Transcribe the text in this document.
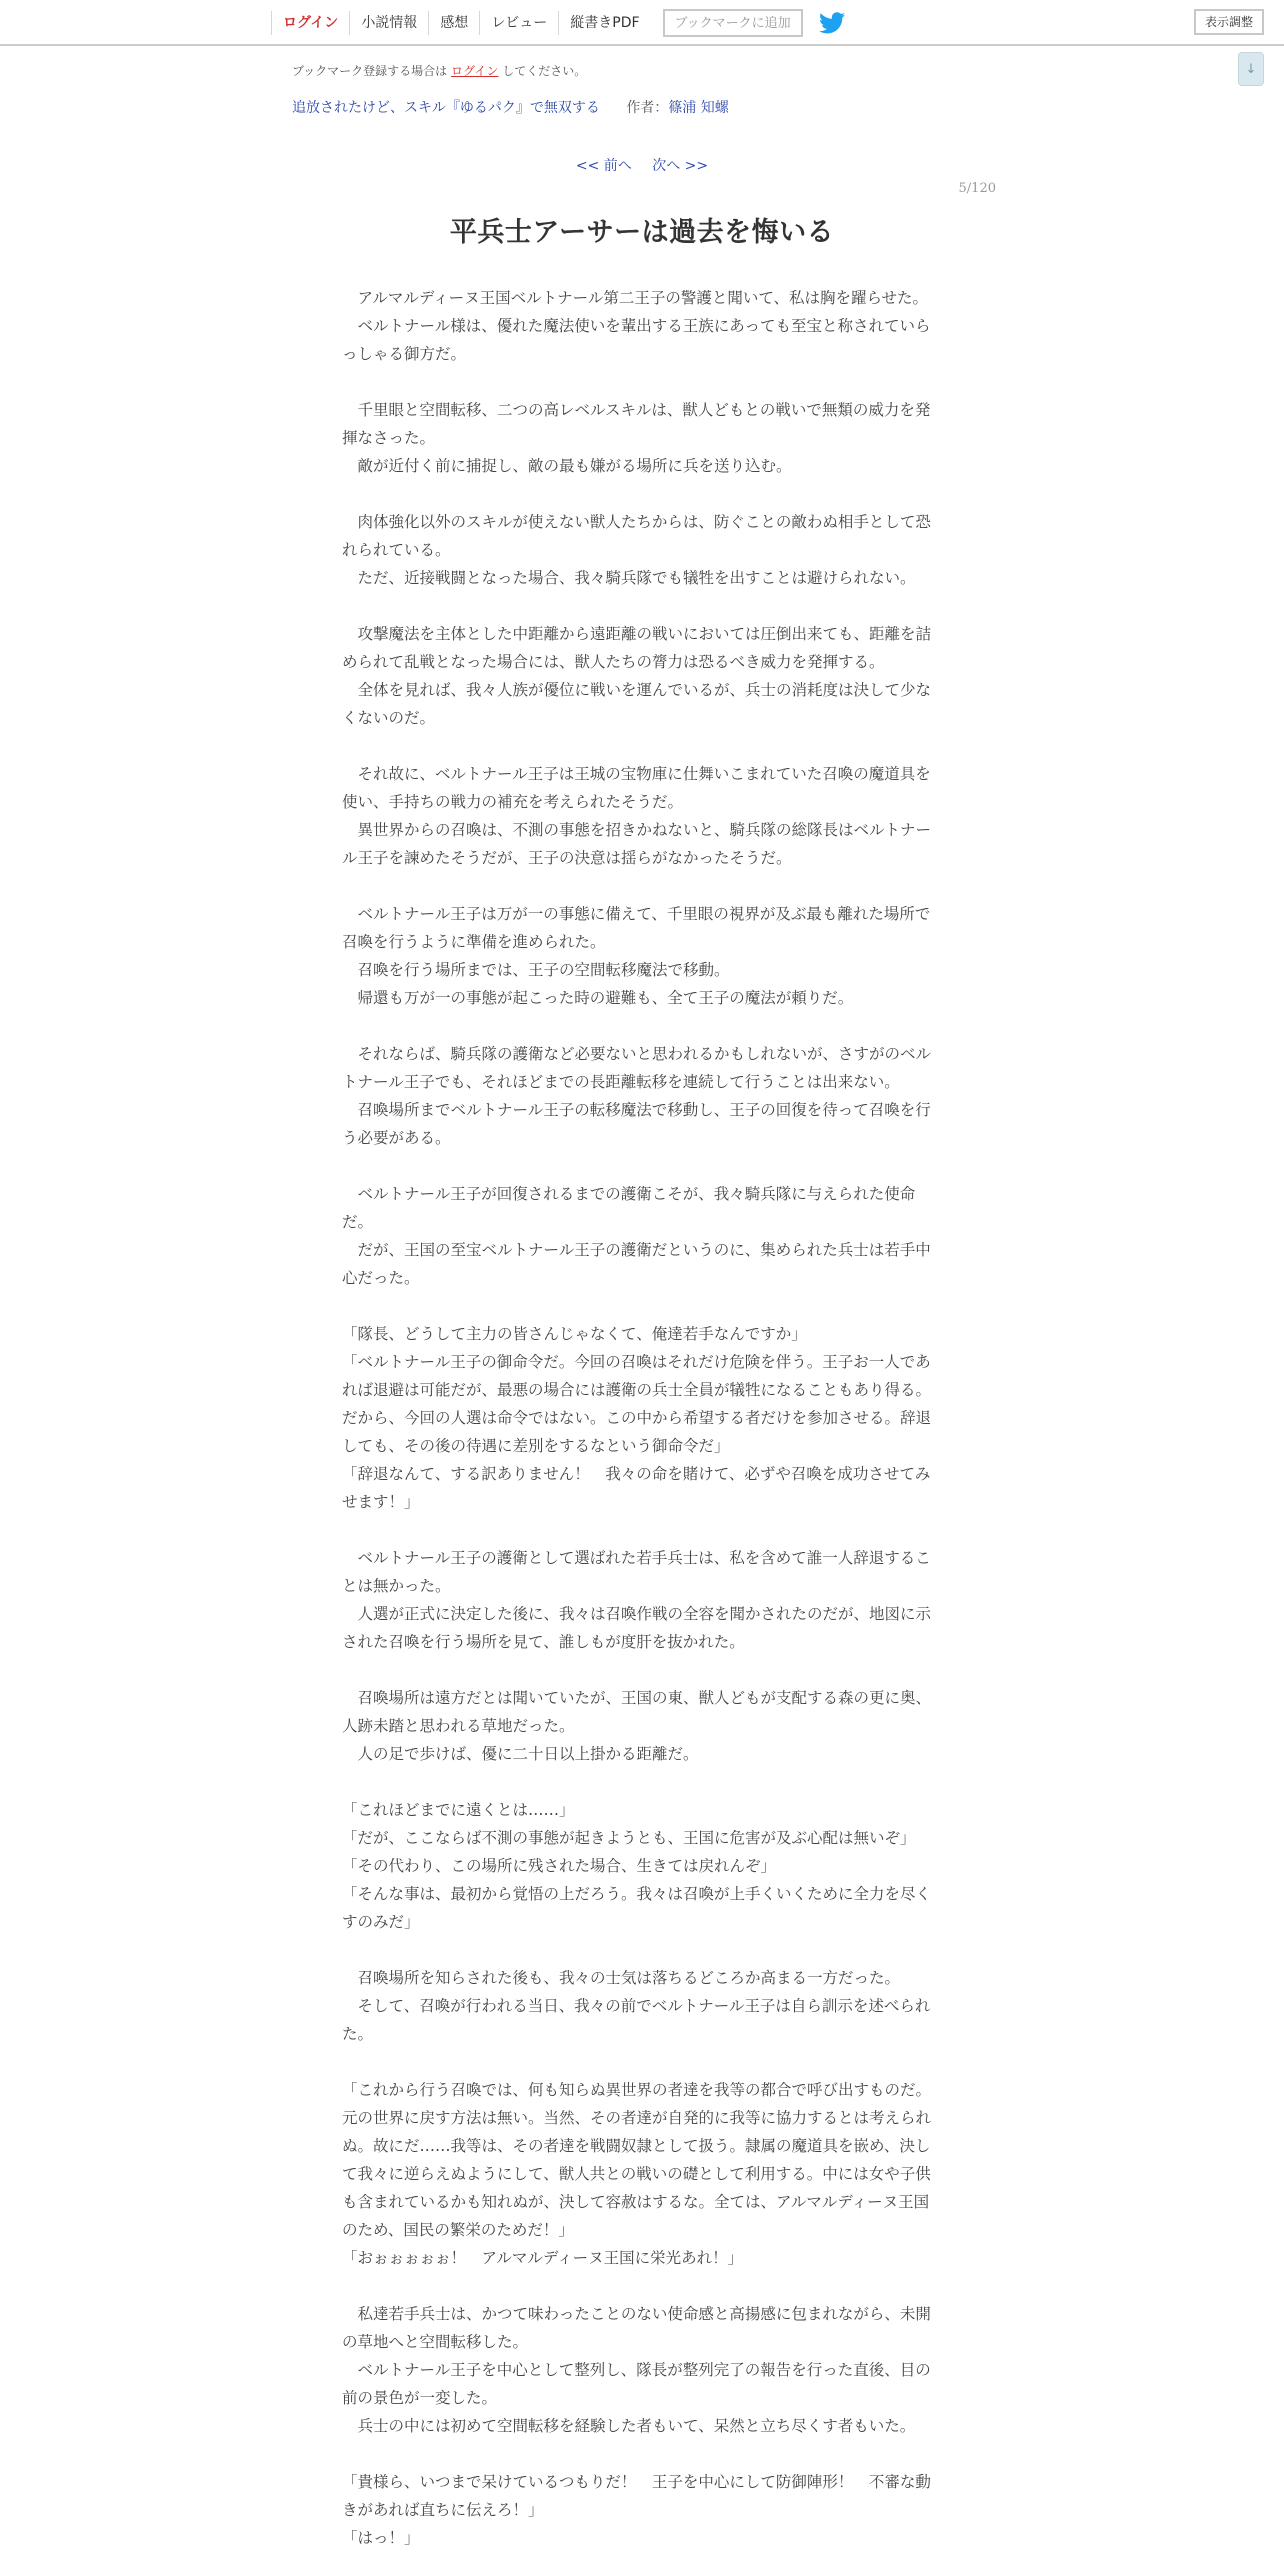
ログイン	小説情報	感想	レビュー	縦書きPDF	ブックマークに追加	表示調整
↓
ブックマーク登録する場合は ログイン してください。
追放されたけど、スキル『ゆるパク』で無双する 作者：篠浦 知螺
<< 前へ 次へ >>
5/120
平兵士アーサーは過去を悔いる

　アルマルディーヌ王国ベルトナール第二王子の警護と聞いて、私は胸を躍らせた。

　ベルトナール様は、優れた魔法使いを輩出する王族にあっても至宝と称されていらっしゃる御方だ。

　千里眼と空間転移、二つの高レベルスキルは、獣人どもとの戦いで無類の威力を発揮なさった。

　敵が近付く前に捕捉し、敵の最も嫌がる場所に兵を送り込む。

　肉体強化以外のスキルが使えない獣人たちからは、防ぐことの敵わぬ相手として恐れられている。

　ただ、近接戦闘となった場合、我々騎兵隊でも犠牲を出すことは避けられない。

　攻撃魔法を主体とした中距離から遠距離の戦いにおいては圧倒出来ても、距離を詰められて乱戦となった場合には、獣人たちの膂力は恐るべき威力を発揮する。

　全体を見れば、我々人族が優位に戦いを運んでいるが、兵士の消耗度は決して少なくないのだ。

　それ故に、ベルトナール王子は王城の宝物庫に仕舞いこまれていた召喚の魔道具を使い、手持ちの戦力の補充を考えられたそうだ。

　異世界からの召喚は、不測の事態を招きかねないと、騎兵隊の総隊長はベルトナール王子を諫めたそうだが、王子の決意は揺らがなかったそうだ。

　ベルトナール王子は万が一の事態に備えて、千里眼の視界が及ぶ最も離れた場所で召喚を行うように準備を進められた。

　召喚を行う場所までは、王子の空間転移魔法で移動。

　帰還も万が一の事態が起こった時の避難も、全て王子の魔法が頼りだ。

　それならば、騎兵隊の護衛など必要ないと思われるかもしれないが、さすがのベルトナール王子でも、それほどまでの長距離転移を連続して行うことは出来ない。

　召喚場所までベルトナール王子の転移魔法で移動し、王子の回復を待って召喚を行う必要がある。

　ベルトナール王子が回復されるまでの護衛こそが、我々騎兵隊に与えられた使命だ。

　だが、王国の至宝ベルトナール王子の護衛だというのに、集められた兵士は若手中心だった。

「隊長、どうして主力の皆さんじゃなくて、俺達若手なんですか」

「ベルトナール王子の御命令だ。今回の召喚はそれだけ危険を伴う。王子お一人であれば退避は可能だが、最悪の場合には護衛の兵士全員が犠牲になることもあり得る。だから、今回の人選は命令ではない。この中から希望する者だけを参加させる。辞退しても、その後の待遇に差別をするなという御命令だ」

「辞退なんて、する訳ありません！　我々の命を賭けて、必ずや召喚を成功させてみせます！」

　ベルトナール王子の護衛として選ばれた若手兵士は、私を含めて誰一人辞退することは無かった。

　人選が正式に決定した後に、我々は召喚作戦の全容を聞かされたのだが、地図に示された召喚を行う場所を見て、誰しもが度肝を抜かれた。

　召喚場所は遠方だとは聞いていたが、王国の東、獣人どもが支配する森の更に奥、人跡未踏と思われる草地だった。

　人の足で歩けば、優に二十日以上掛かる距離だ。

「これほどまでに遠くとは……」

「だが、ここならば不測の事態が起きようとも、王国に危害が及ぶ心配は無いぞ」

「その代わり、この場所に残された場合、生きては戻れんぞ」

「そんな事は、最初から覚悟の上だろう。我々は召喚が上手くいくために全力を尽くすのみだ」

　召喚場所を知らされた後も、我々の士気は落ちるどころか高まる一方だった。

　そして、召喚が行われる当日、我々の前でベルトナール王子は自ら訓示を述べられた。

「これから行う召喚では、何も知らぬ異世界の者達を我等の都合で呼び出すものだ。元の世界に戻す方法は無い。当然、その者達が自発的に我等に協力するとは考えられぬ。故にだ……我等は、その者達を戦闘奴隷として扱う。隷属の魔道具を嵌め、決して我々に逆らえぬようにして、獣人共との戦いの礎として利用する。中には女や子供も含まれているかも知れぬが、決して容赦はするな。全ては、アルマルディーヌ王国のため、国民の繁栄のためだ！」

「おぉぉぉぉぉ！　アルマルディーヌ王国に栄光あれ！」

　私達若手兵士は、かつて味わったことのない使命感と高揚感に包まれながら、未開の草地へと空間転移した。

　ベルトナール王子を中心として整列し、隊長が整列完了の報告を行った直後、目の前の景色が一変した。

　兵士の中には初めて空間転移を経験した者もいて、呆然と立ち尽くす者もいた。

「貴様ら、いつまで呆けているつもりだ！　王子を中心にして防御陣形！　不審な動きがあれば直ちに伝えろ！」

「はっ！」
